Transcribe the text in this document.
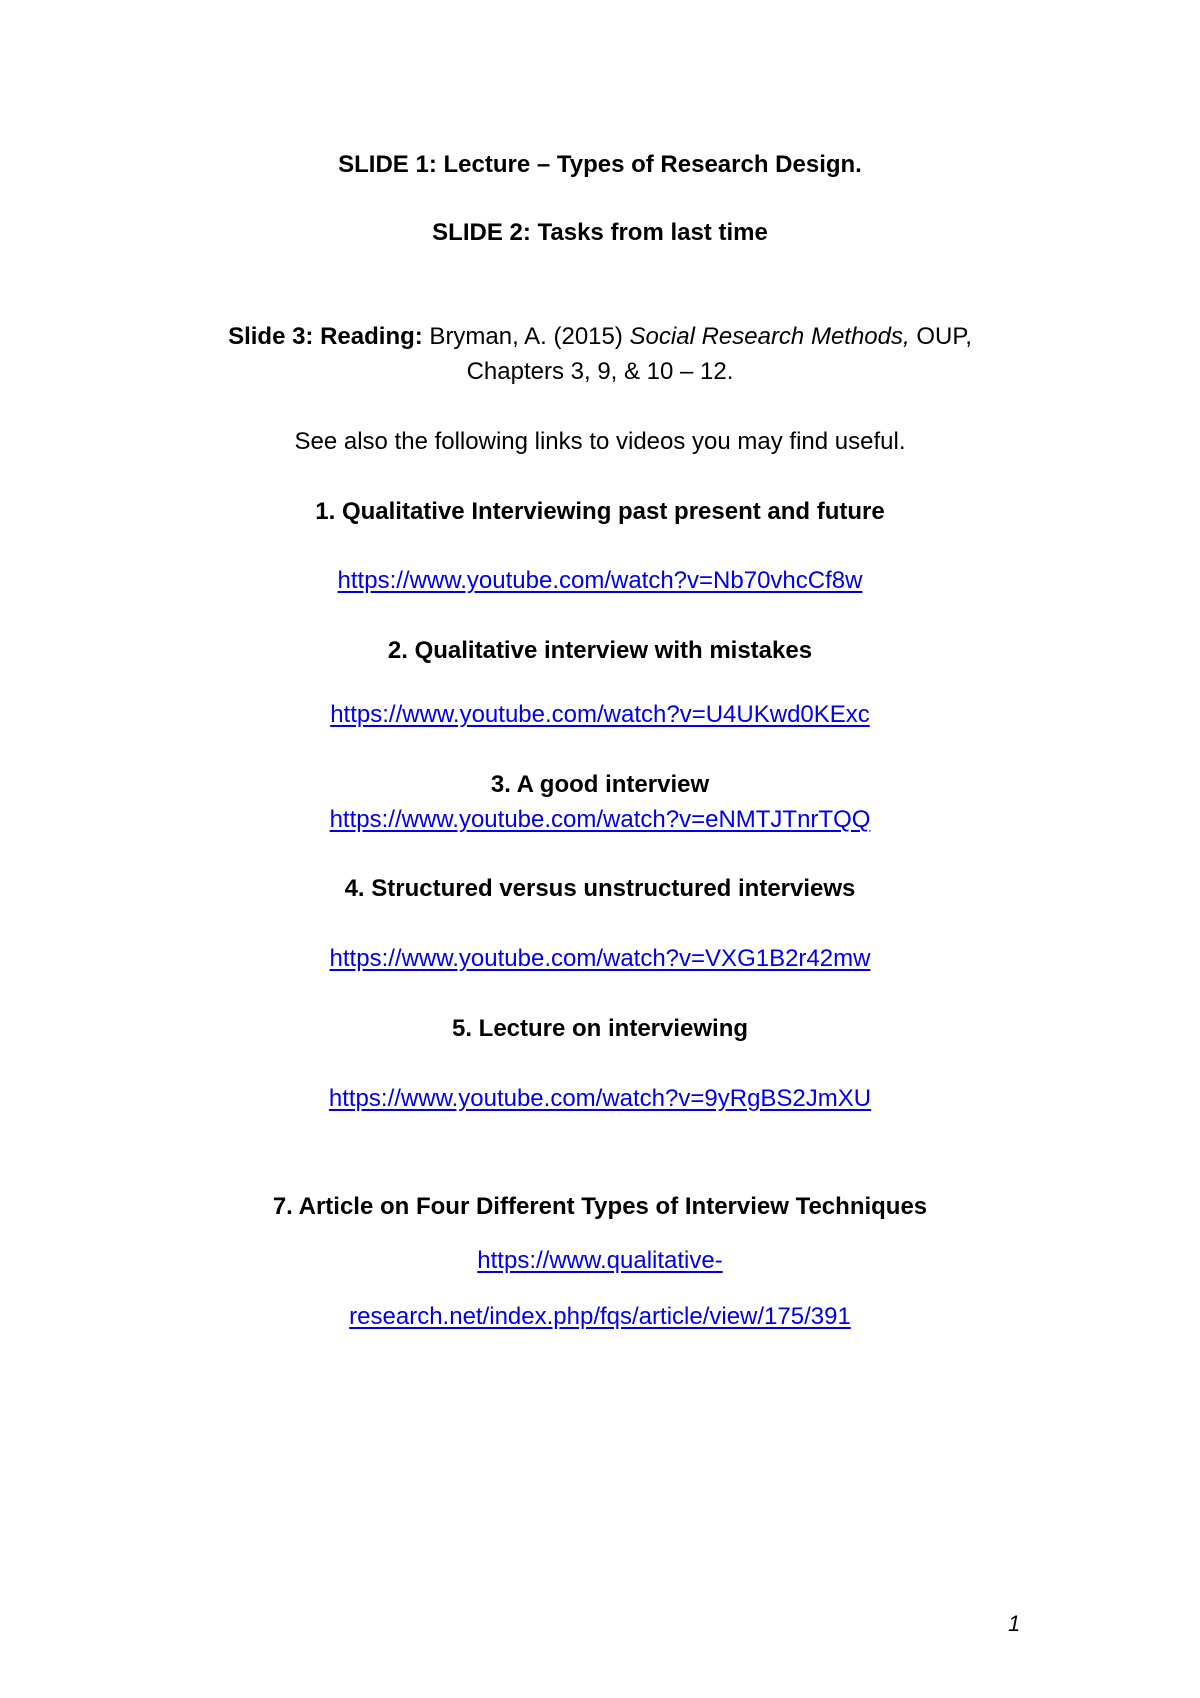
SLIDE 1: Lecture – Types of Research Design.
SLIDE 2: Tasks from last time
Slide 3: Reading: Bryman, A. (2015) Social Research Methods, OUP,
Chapters 3, 9, & 10 – 12.
See also the following links to videos you may find useful.
1. Qualitative Interviewing past present and future
https://www.youtube.com/watch?v=Nb70vhcCf8w
2. Qualitative interview with mistakes
https://www.youtube.com/watch?v=U4UKwd0KExc
3. A good interview
https://www.youtube.com/watch?v=eNMTJTnrTQQ
4. Structured versus unstructured interviews
https://www.youtube.com/watch?v=VXG1B2r42mw
5. Lecture on interviewing
https://www.youtube.com/watch?v=9yRgBS2JmXU
7. Article on Four Different Types of Interview Techniques
https://www.qualitative-
research.net/index.php/fqs/article/view/175/391
1
